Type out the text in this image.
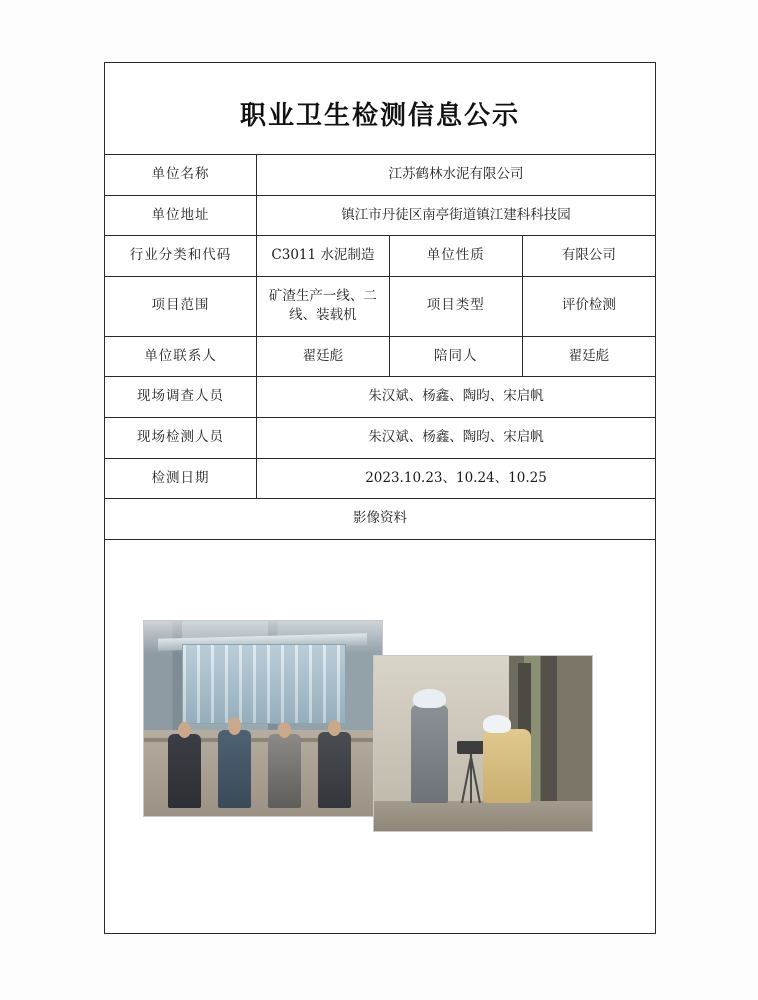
职业卫生检测信息公示
单位名称	江苏鹤林水泥有限公司		
单位地址	镇江市丹徒区南亭街道镇江建科科技园		
行业分类和代码	C3011 水泥制造	单位性质	有限公司
项目范围	矿渣生产一线、二线、装载机	项目类型	评价检测
单位联系人	翟廷彪	陪同人	翟廷彪
现场调查人员	朱汉斌、杨鑫、陶昀、宋启帆		
现场检测人员	朱汉斌、杨鑫、陶昀、宋启帆		
检测日期	2023.10.23、10.24、10.25		
影像资料			
